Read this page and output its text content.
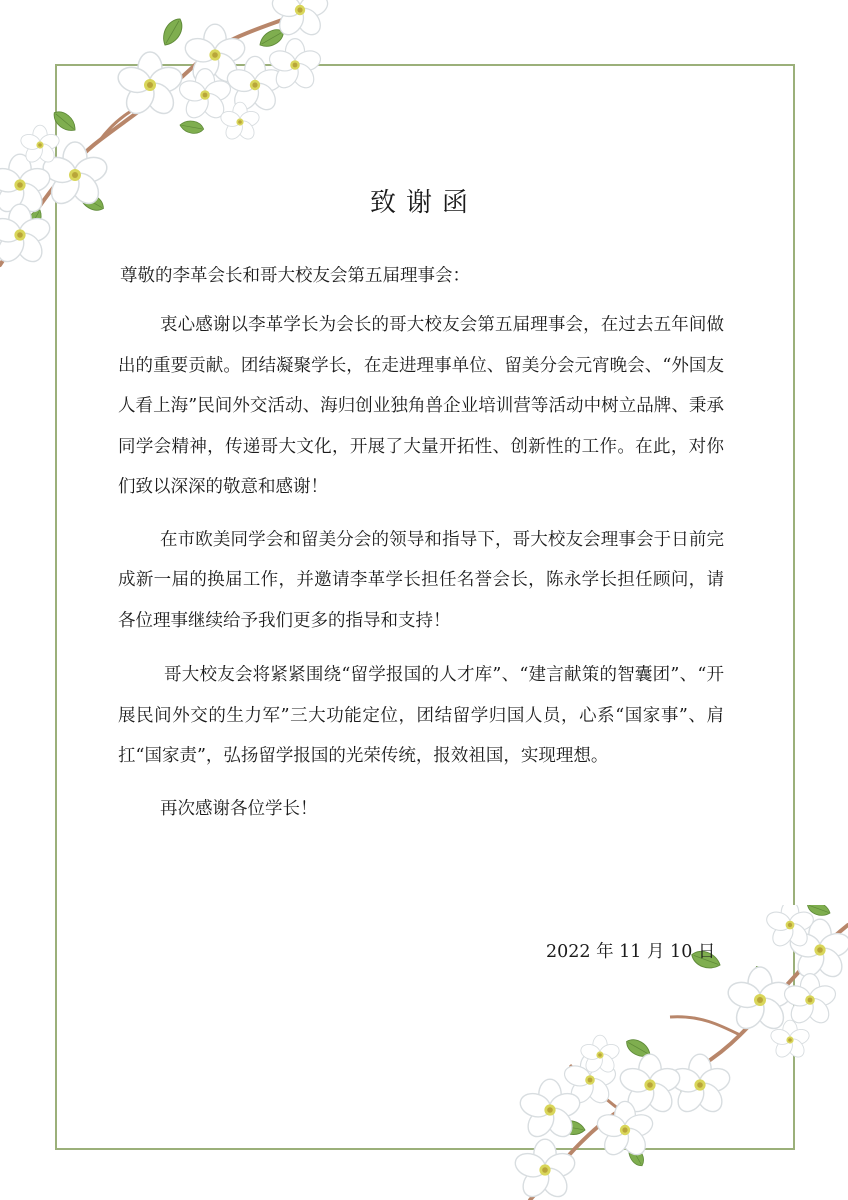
致谢函

尊敬的李革会长和哥大校友会第五届理事会：

衷心感谢以李革学长为会长的哥大校友会第五届理事会，在过去五年间做出的重要贡献。团结凝聚学长，在走进理事单位、留美分会元宵晚会、“外国友人看上海”民间外交活动、海归创业独角兽企业培训营等活动中树立品牌、秉承同学会精神，传递哥大文化，开展了大量开拓性、创新性的工作。在此，对你们致以深深的敬意和感谢！

在市欧美同学会和留美分会的领导和指导下，哥大校友会理事会于日前完成新一届的换届工作，并邀请李革学长担任名誉会长，陈永学长担任顾问，请各位理事继续给予我们更多的指导和支持！

哥大校友会将紧紧围绕“留学报国的人才库”、“建言献策的智囊团”、“开展民间外交的生力军”三大功能定位，团结留学归国人员，心系“国家事”、肩扛“国家责”，弘扬留学报国的光荣传统，报效祖国，实现理想。

再次感谢各位学长！

2022 年 11 月 10 日
